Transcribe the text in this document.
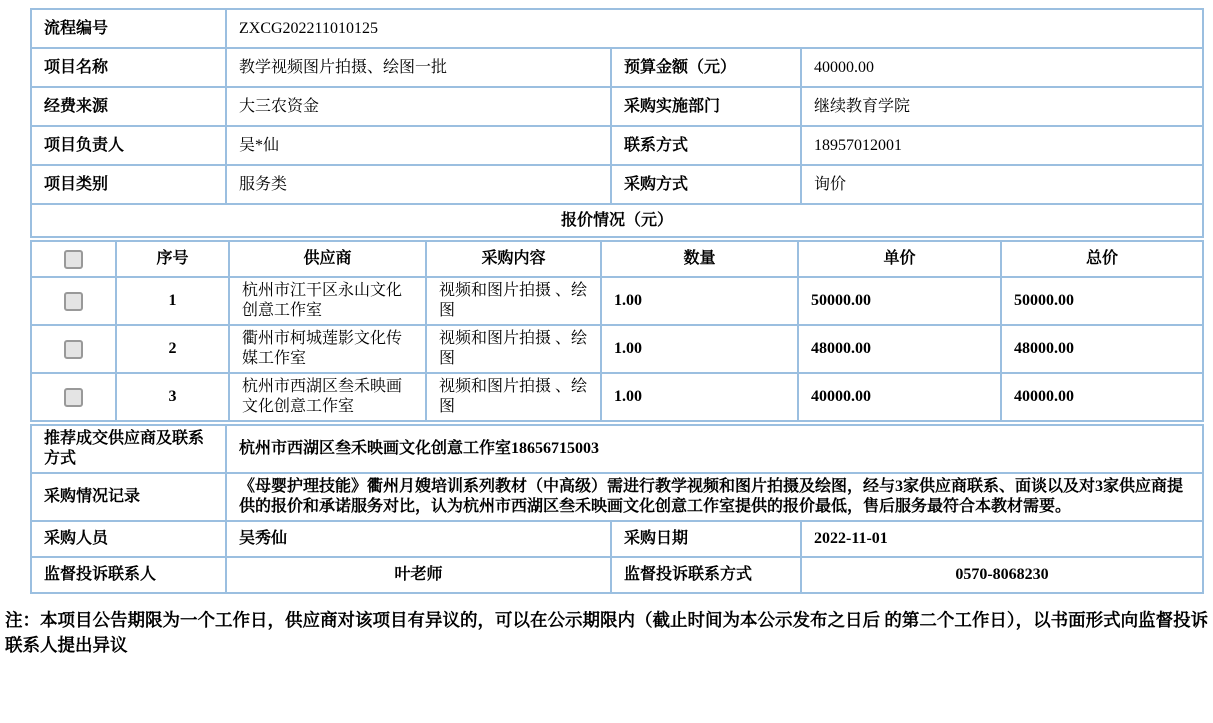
流程编号	ZXCG202211010125		
项目名称	教学视频图片拍摄、绘图一批	预算金额（元）	40000.00
经费来源	大三农资金	采购实施部门	继续教育学院
项目负责人	吴*仙	联系方式	18957012001
项目类别	服务类	采购方式	询价
报价情况（元）			
	序号	供应商	采购内容	数量	单价	总价
	1	杭州市江干区永山文化创意工作室	视频和图片拍摄 、绘图	1.00	50000.00	50000.00
	2	衢州市柯城莲影文化传媒工作室	视频和图片拍摄 、绘图	1.00	48000.00	48000.00
	3	杭州市西湖区叁禾映画文化创意工作室	视频和图片拍摄 、绘图	1.00	40000.00	40000.00
推荐成交供应商及联系方式	杭州市西湖区叁禾映画文化创意工作室18656715003		
采购情况记录	《母婴护理技能》衢州月嫂培训系列教材（中高级）需进行教学视频和图片拍摄及绘图，经与3家供应商联系、面谈以及对3家供应商提供的报价和承诺服务对比，认为杭州市西湖区叁禾映画文化创意工作室提供的报价最低，售后服务最符合本教材需要。		
采购人员	吴秀仙	采购日期	2022-11-01
监督投诉联系人	叶老师	监督投诉联系方式	0570-8068230
注：本项目公告期限为一个工作日，供应商对该项目有异议的，可以在公示期限内（截止时间为本公示发布之日后 的第二个工作日），以书面形式向监督投诉联系人提出异议
